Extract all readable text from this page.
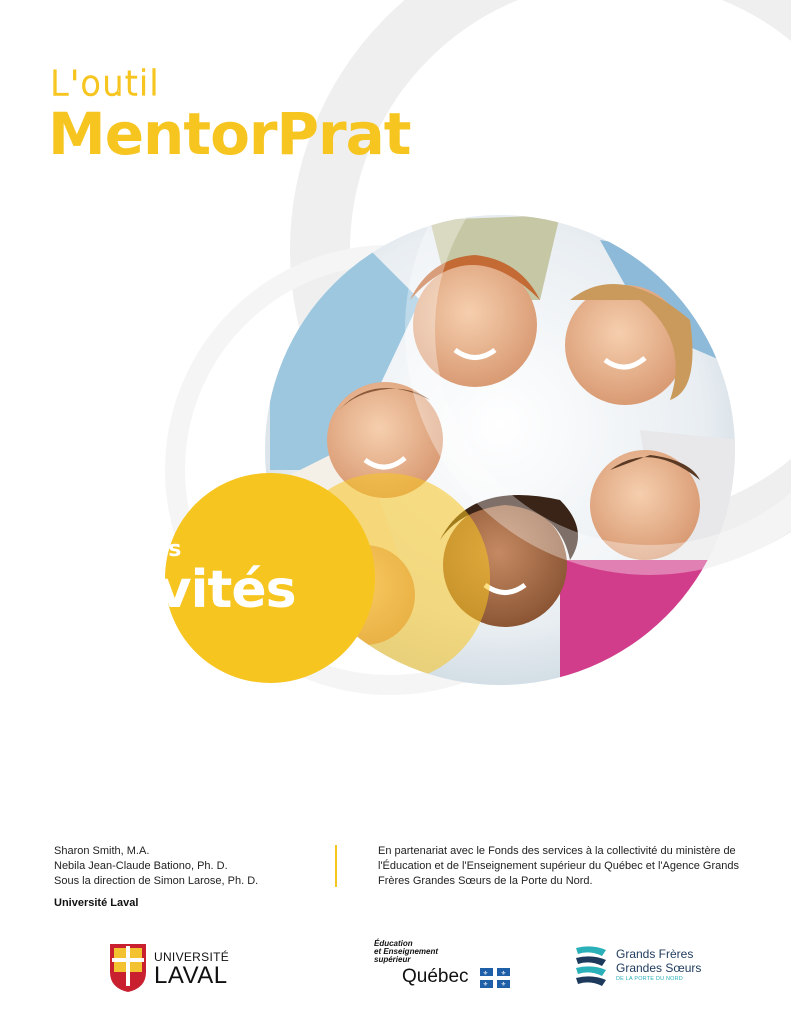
L'outil
MentorPrat
Cahier des
Activités
Sharon Smith, M.A.
Nebila Jean-Claude Bationo, Ph. D.
Sous la direction de Simon Larose, Ph. D.
Université Laval
En partenariat avec le Fonds des services à la collectivité du ministère de l'Éducation et de l'Enseignement supérieur du Québec et l'Agence Grands Frères Grandes Sœurs de la Porte du Nord.
UNIVERSITÉ
LAVAL
Éducation
et Enseignement
supérieur
Québec ⚜ ⚜
⚜ ⚜
Grands Frères
Grandes Sœurs
DE LA PORTE DU NORD
